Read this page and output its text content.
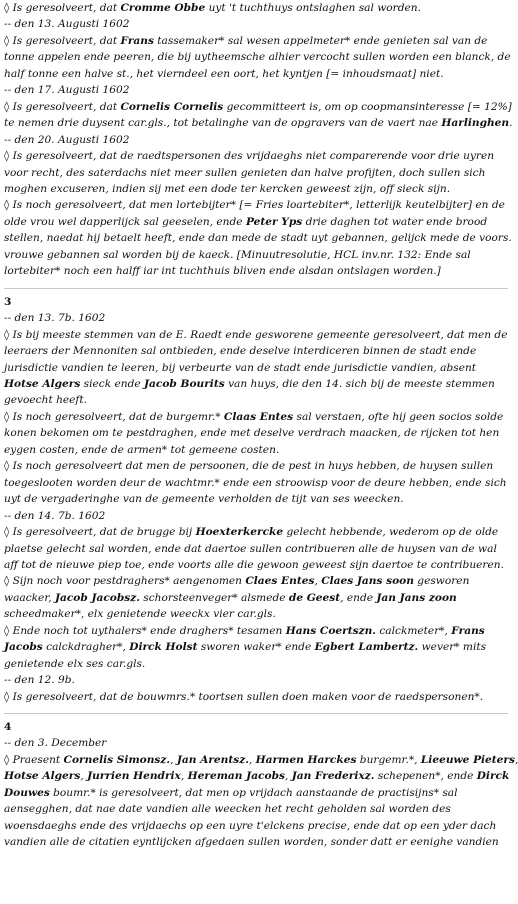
◊ Is geresolveert, dat Cromme Obbe uyt 't tuchthuys ontslaghen sal worden.
-- den 13. Augusti 1602
◊ Is geresolveert, dat Frans tassemaker* sal wesen appelmeter* ende genieten sal van de
tonne appelen ende peeren, die bij uytheemsche alhier vercocht sullen worden een blanck, de
half tonne een halve st., het vierndeel een oort, het kyntjen [= inhoudsmaat] niet.
-- den 17. Augusti 1602
◊ Is geresolveert, dat Cornelis Cornelis gecommitteert is, om op coopmansinteresse [= 12%]
te nemen drie duysent car.gls., tot betalinghe van de opgravers van de vaert nae Harlinghen.
-- den 20. Augusti 1602
◊ Is geresolveert, dat de raedtspersonen des vrijdaeghs niet comparerende voor drie uyren
voor recht, des saterdachs niet meer sullen genieten dan halve profijten, doch sullen sich
moghen excuseren, indien sij met een dode ter kercken geweest zijn, off sieck sijn.
◊ Is noch geresolveert, dat men lortebijter* [= Fries loartebiter*, letterlijk keutelbijter] en de
olde vrou wel dapperlijck sal geeselen, ende Peter Yps drie daghen tot water ende brood
stellen, naedat hij betaelt heeft, ende dan mede de stadt uyt gebannen, gelijck mede de voors.
vrouwe gebannen sal worden bij de kaeck. [Minuutresolutie, HCL inv.nr. 132: Ende sal
lortebiter* noch een halff iar int tuchthuis bliven ende alsdan ontslagen worden.]
3
-- den 13. 7b. 1602
◊ Is bij meeste stemmen van de E. Raedt ende gesworene gemeente geresolveert, dat men de
leeraers der Mennoniten sal ontbieden, ende deselve interdiceren binnen de stadt ende
jurisdictie vandien te leeren, bij verbeurte van de stadt ende jurisdictie vandien, absent
Hotse Algers sieck ende Jacob Bourits van huys, die den 14. sich bij de meeste stemmen
gevoecht heeft.
◊ Is noch geresolveert, dat de burgemr.* Claas Entes sal verstaen, ofte hij geen socios solde
konen bekomen om te pestdraghen, ende met deselve verdrach maacken, de rijcken tot hen
eygen costen, ende de armen* tot gemeene costen.
◊ Is noch geresolveert dat men de persoonen, die de pest in huys hebben, de huysen sullen
toegeslooten worden deur de wachtmr.* ende een stroowisp voor de deure hebben, ende sich
uyt de vergaderinghe van de gemeente verholden de tijt van ses weecken.
-- den 14. 7b. 1602
◊ Is geresolveert, dat de brugge bij Hoexterkercke gelecht hebbende, wederom op de olde
plaetse gelecht sal worden, ende dat daertoe sullen contribueren alle de huysen van de wal
aff tot de nieuwe piep toe, ende voorts alle die gewoon geweest sijn daertoe te contribueren.
◊ Sijn noch voor pestdraghers* aengenomen Claes Entes, Claes Jans soon gesworen
waacker, Jacob Jacobsz. schorsteenveger* alsmede de Geest, ende Jan Jans zoon
scheedmaker*, elx genietende weeckx vier car.gls.
◊ Ende noch tot uythalers* ende draghers* tesamen Hans Coertszn. calckmeter*, Frans
Jacobs calckdragher*, Dirck Holst sworen waker* ende Egbert Lambertz. wever* mits
genietende elx ses car.gls.
-- den 12. 9b.
◊ Is geresolveert, dat de bouwmrs.* toortsen sullen doen maken voor de raedspersonen*.
4
-- den 3. December
◊ Praesent Cornelis Simonsz., Jan Arentsz., Harmen Harckes burgemr.*, Lieeuwe Pieters
Hotse Algers, Jurrien Hendrix, Hereman Jacobs, Jan Frederixz. schepenen*, ende Dirck
Douwes boumr.* is geresolveert, dat men op vrijdach aanstaande de practisijns* sal
aensegghen, dat nae date vandien alle weecken het recht geholden sal worden des
woensdaeghs ende des vrijdaechs op een uyre t'elckens precise, ende dat op een yder dach
vandien alle de citatien eyntlijcken afgedaen sullen worden, sonder datt er eenighe vandien
